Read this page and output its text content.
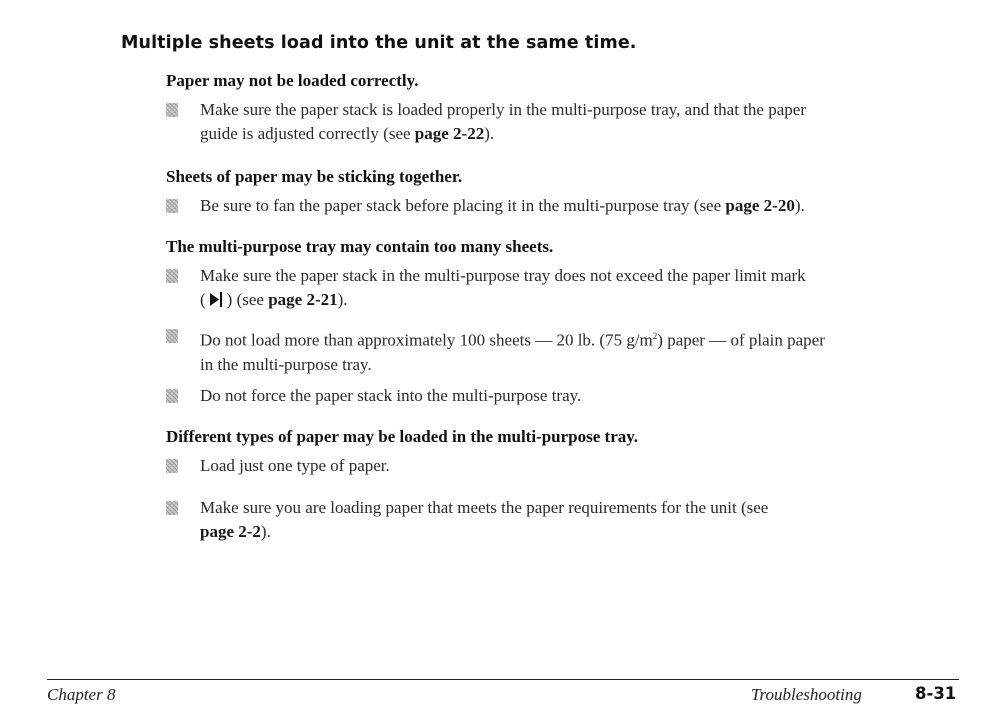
Multiple sheets load into the unit at the same time.
Paper may not be loaded correctly.
Make sure the paper stack is loaded properly in the multi-purpose tray, and that the paper
guide is adjusted correctly (see page 2-22).
Sheets of paper may be sticking together.
Be sure to fan the paper stack before placing it in the multi-purpose tray (see page 2-20).
The multi-purpose tray may contain too many sheets.
Make sure the paper stack in the multi-purpose tray does not exceed the paper limit mark
( ) (see page 2-21).
Do not load more than approximately 100 sheets — 20 lb. (75 $g/m^2$) paper — of plain paper
in the multi-purpose tray.
Do not force the paper stack into the multi-purpose tray.
Different types of paper may be loaded in the multi-purpose tray.
Load just one type of paper.
Make sure you are loading paper that meets the paper requirements for the unit (see
page 2-2).
Chapter 8	Troubleshooting	8-31
